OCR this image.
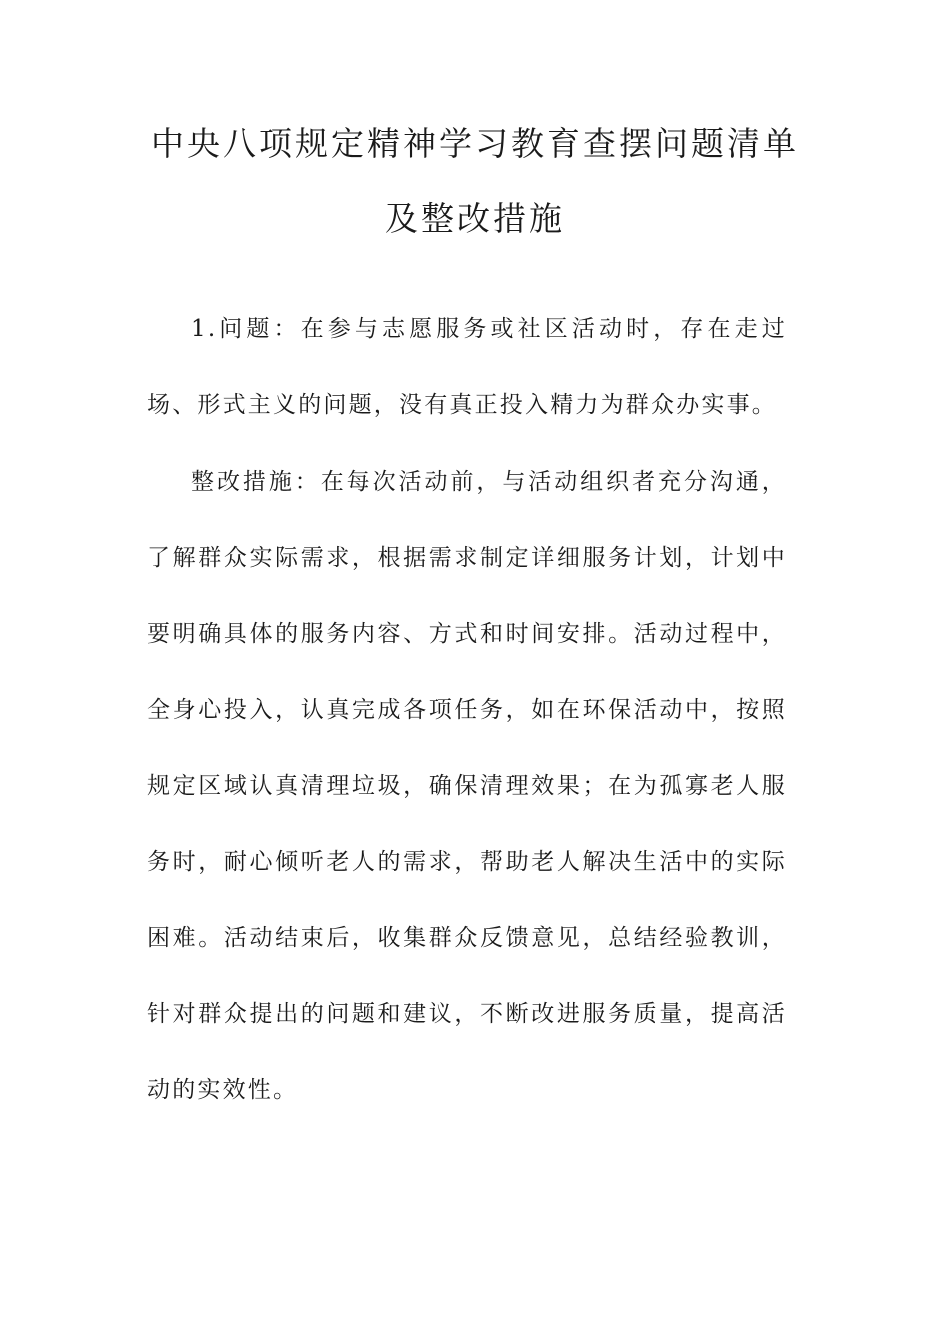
中央八项规定精神学习教育查摆问题清单
及整改措施

1.问题：在参与志愿服务或社区活动时，存在走过场、形式主义的问题，没有真正投入精力为群众办实事。

整改措施：在每次活动前，与活动组织者充分沟通，了解群众实际需求，根据需求制定详细服务计划，计划中要明确具体的服务内容、方式和时间安排。活动过程中，全身心投入，认真完成各项任务，如在环保活动中，按照规定区域认真清理垃圾，确保清理效果；在为孤寡老人服务时，耐心倾听老人的需求，帮助老人解决生活中的实际困难。活动结束后，收集群众反馈意见，总结经验教训，针对群众提出的问题和建议，不断改进服务质量，提高活动的实效性。
